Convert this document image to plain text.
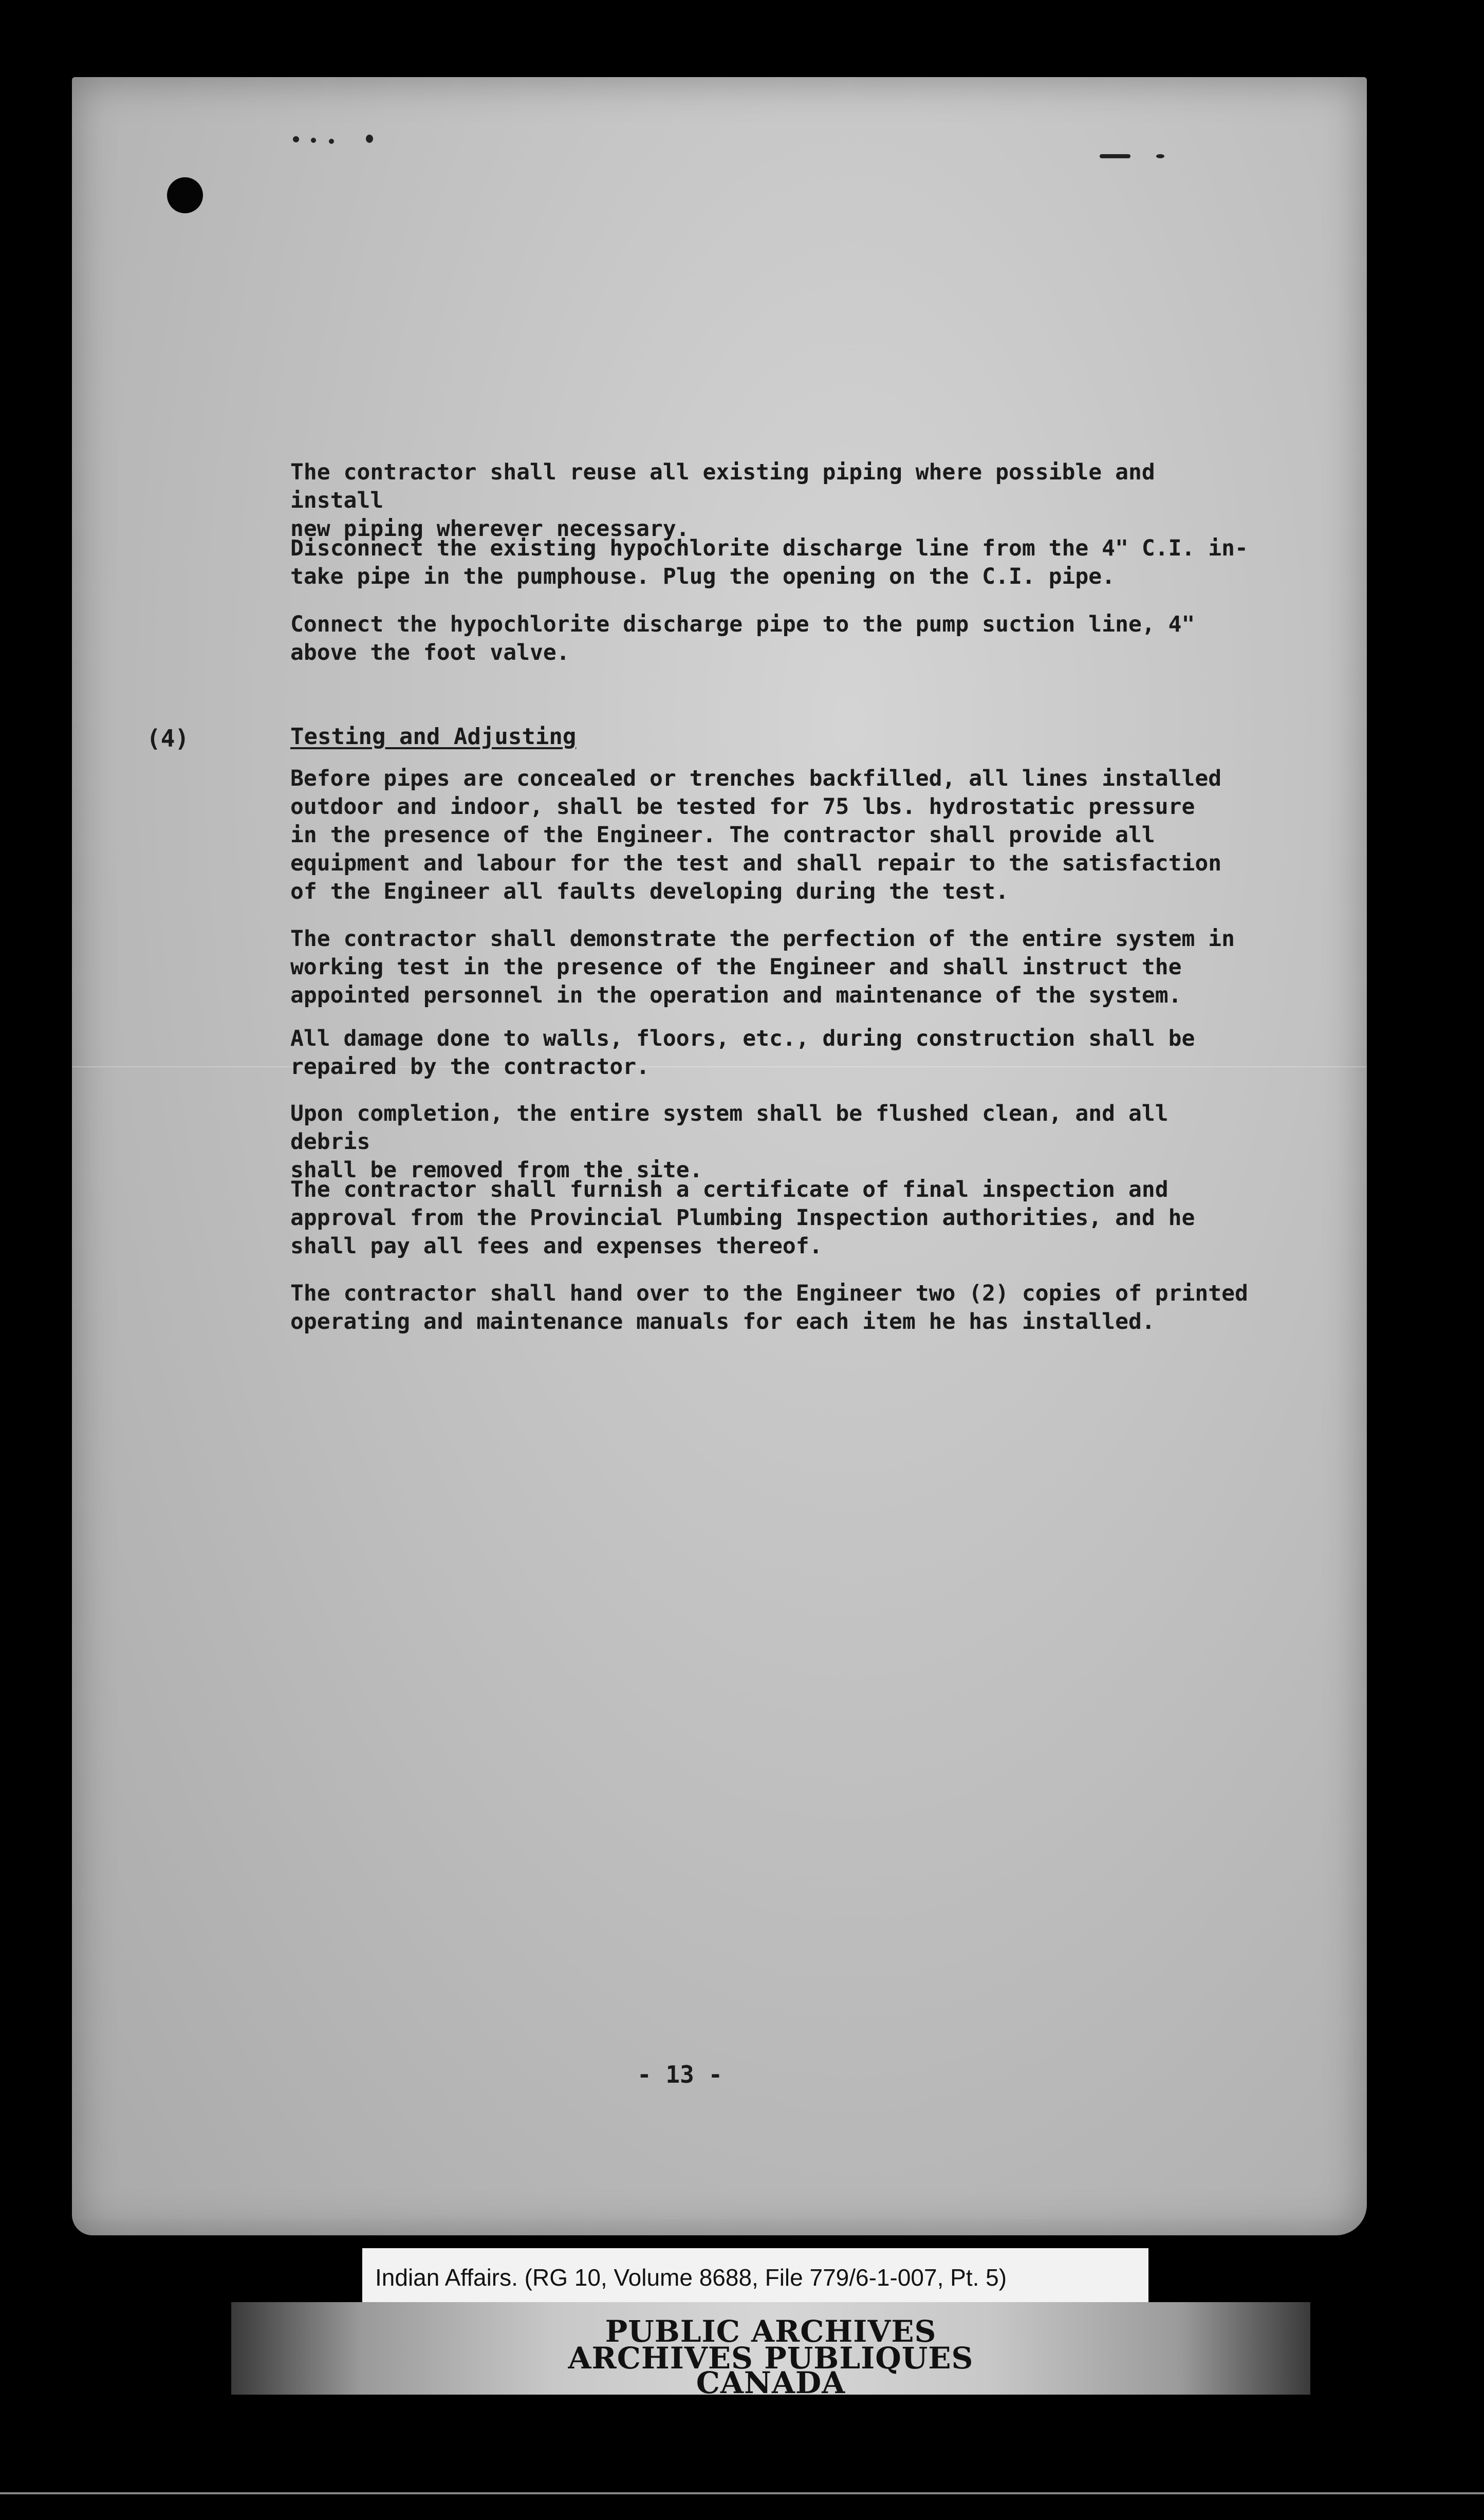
The contractor shall reuse all existing piping where possible and install
new piping wherever necessary.

Disconnect the existing hypochlorite discharge line from the 4" C.I. in-
take pipe in the pumphouse. Plug the opening on the C.I. pipe.

Connect the hypochlorite discharge pipe to the pump suction line, 4"
above the foot valve.

(4)	Testing and Adjusting

Before pipes are concealed or trenches backfilled, all lines installed
outdoor and indoor, shall be tested for 75 lbs. hydrostatic pressure
in the presence of the Engineer. The contractor shall provide all
equipment and labour for the test and shall repair to the satisfaction
of the Engineer all faults developing during the test.

The contractor shall demonstrate the perfection of the entire system in
working test in the presence of the Engineer and shall instruct the
appointed personnel in the operation and maintenance of the system.

All damage done to walls, floors, etc., during construction shall be
repaired by the contractor.

Upon completion, the entire system shall be flushed clean, and all debris
shall be removed from the site.

The contractor shall furnish a certificate of final inspection and
approval from the Provincial Plumbing Inspection authorities, and he
shall pay all fees and expenses thereof.

The contractor shall hand over to the Engineer two (2) copies of printed
operating and maintenance manuals for each item he has installed.

- 13 -
Indian Affairs. (RG 10, Volume 8688, File 779/6-1-007, Pt. 5)
PUBLIC ARCHIVES
ARCHIVES PUBLIQUES
CANADA
